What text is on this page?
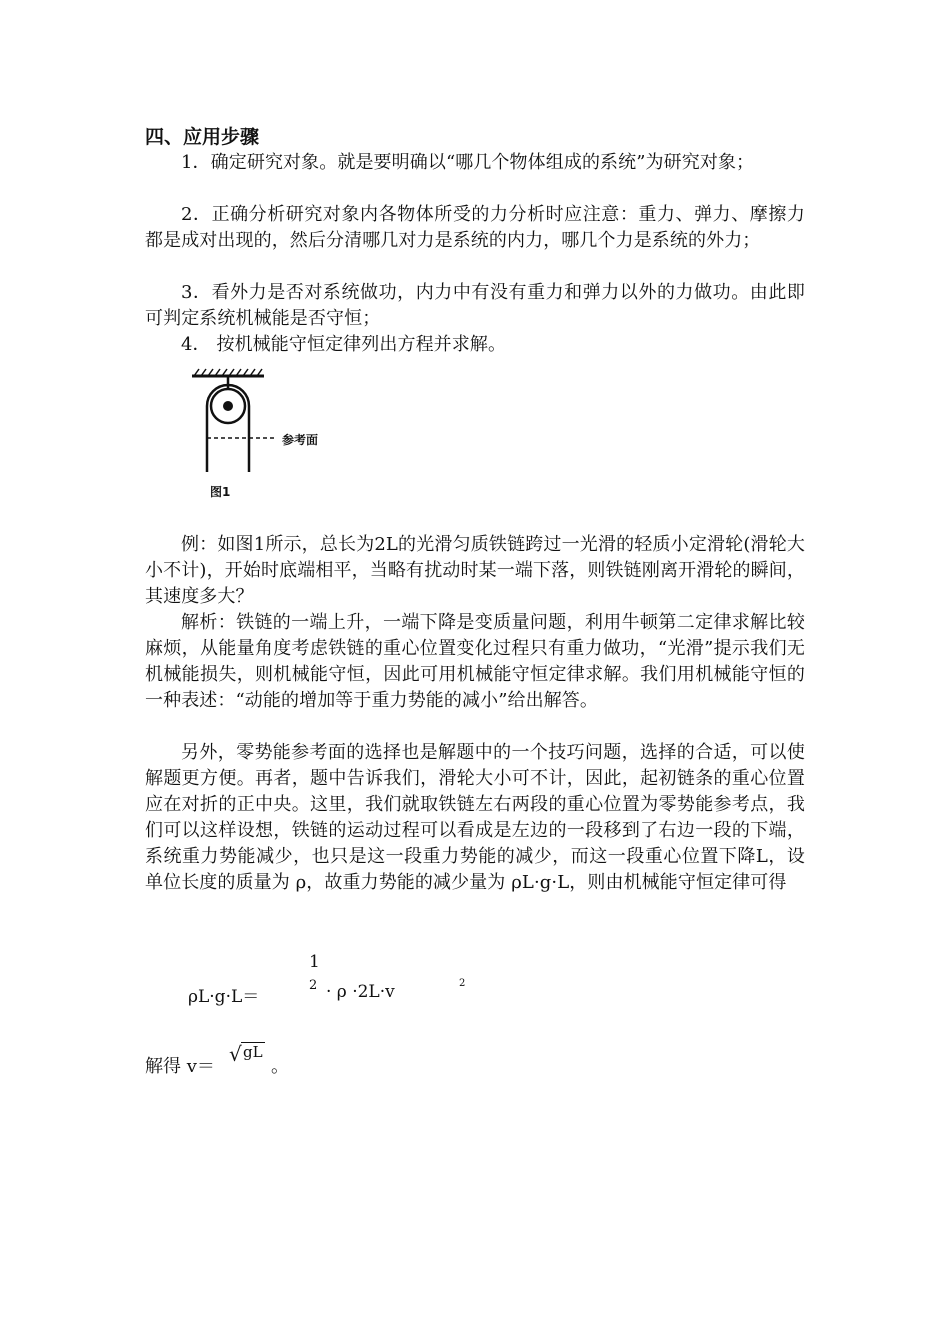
四、应用步骤

1．确定研究对象。就是要明确以“哪几个物体组成的系统”为研究对象；

2．正确分析研究对象内各物体所受的力分析时应注意：重力、弹力、摩擦力都是成对出现的，然后分清哪几对力是系统的内力，哪几个力是系统的外力；

3．看外力是否对系统做功，内力中有没有重力和弹力以外的力做功。由此即可判定系统机械能是否守恒；

4． 按机械能守恒定律列出方程并求解。

参考面
图1

例：如图1所示，总长为2L的光滑匀质铁链跨过一光滑的轻质小定滑轮(滑轮大小不计)，开始时底端相平，当略有扰动时某一端下落，则铁链刚离开滑轮的瞬间，其速度多大？

解析：铁链的一端上升，一端下降是变质量问题，利用牛顿第二定律求解比较麻烦，从能量角度考虑铁链的重心位置变化过程只有重力做功，“光滑”提示我们无机械能损失，则机械能守恒，因此可用机械能守恒定律求解。我们用机械能守恒的一种表述：“动能的增加等于重力势能的减小”给出解答。

另外，零势能参考面的选择也是解题中的一个技巧问题，选择的合适，可以使解题更方便。再者，题中告诉我们，滑轮大小可不计，因此，起初链条的重心位置应在对折的正中央。这里，我们就取铁链左右两段的重心位置为零势能参考点，我们可以这样设想，铁链的运动过程可以看成是左边的一段移到了右边一段的下端，系统重力势能减少，也只是这一段重力势能的减少，而这一段重心位置下降L，设单位长度的质量为 ρ，故重力势能的减少量为 ρL·g·L，则由机械能守恒定律可得

ρL·g·L＝
1
2 · ρ ·2L·v	2
解得 v＝
√ gL
。
